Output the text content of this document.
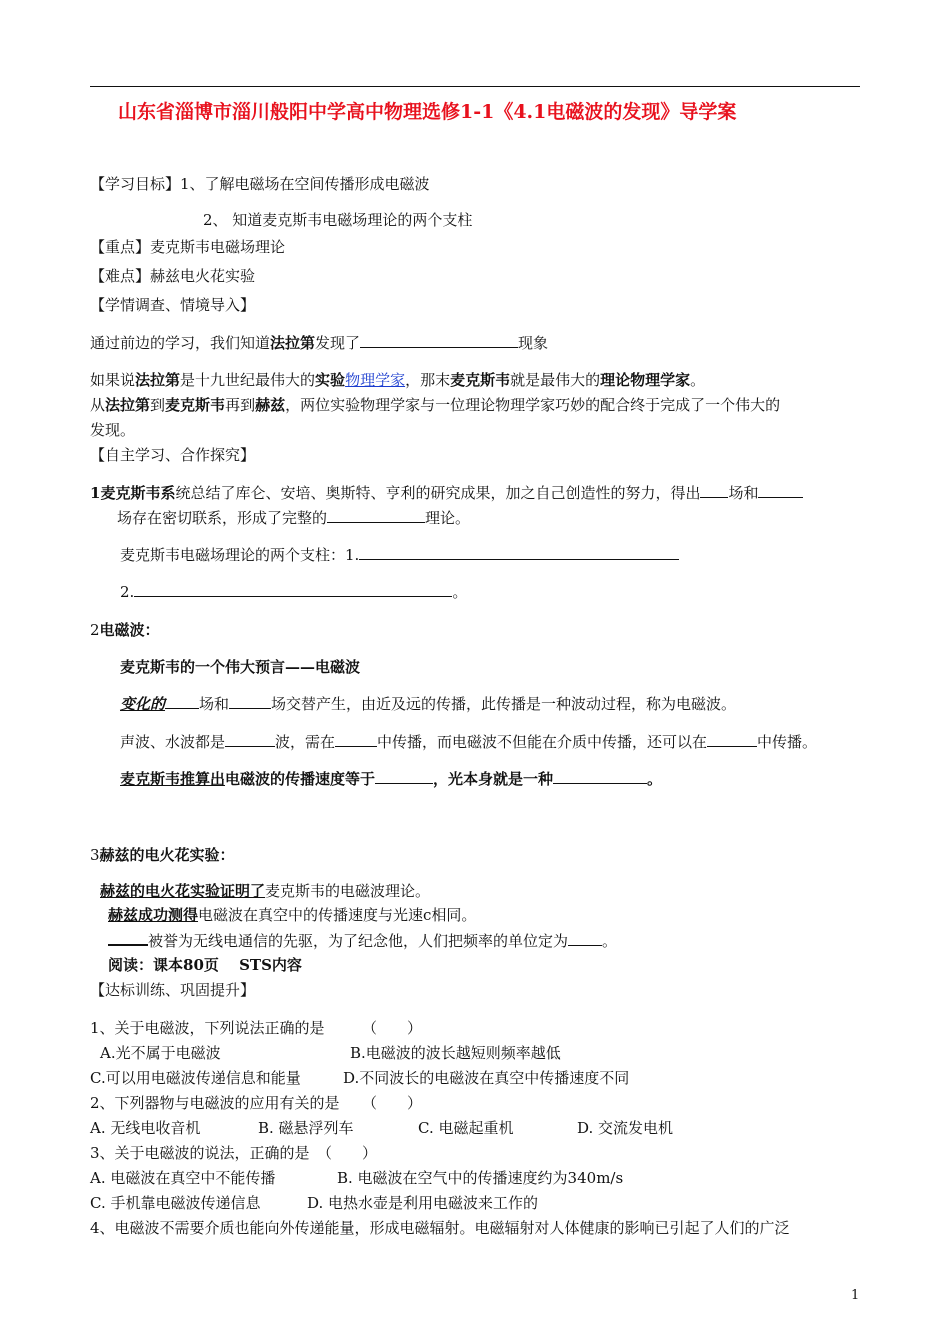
山东省淄博市淄川般阳中学高中物理选修1-1《4.1电磁波的发现》导学案
【学习目标】1、了解电磁场在空间传播形成电磁波
2、 知道麦克斯韦电磁场理论的两个支柱
【重点】麦克斯韦电磁场理论
【难点】赫兹电火花实验
【学情调查、情境导入】
通过前边的学习，我们知道法拉第发现了	现象
如果说法拉第是十九世纪最伟大的实验物理学家，那末麦克斯韦就是最伟大的理论物理学家。
从法拉第到麦克斯韦再到赫兹，两位实验物理学家与一位理论物理学家巧妙的配合终于完成了一个伟大的
发现。
【自主学习、合作探究】
1麦克斯韦系统总结了库仑、安培、奥斯特、亨利的研究成果，加之自己创造性的努力，得出 场和
场存在密切联系，形成了完整的	理论。
麦克斯韦电磁场理论的两个支柱：1.
2.	。
2电磁波：
麦克斯韦的一个伟大预言——电磁波
变化的 场和	场交替产生，由近及远的传播，此传播是一种波动过程，称为电磁波。
声波、水波都是	波，需在	中传播，而电磁波不但能在介质中传播，还可以在	中传播。
麦克斯韦推算出电磁波的传播速度等于	，光本身就是一种	。
3赫兹的电火花实验：
赫兹的电火花实验证明了麦克斯韦的电磁波理论。
赫兹成功测得电磁波在真空中的传播速度与光速c相同。
被誉为无线电通信的先驱，为了纪念他，人们把频率的单位定为 。
阅读：课本80页　 STS内容
【达标训练、巩固提升】
1、关于电磁波，下列说法正确的是　　　（　　）
A.光不属于电磁波	B.电磁波的波长越短则频率越低
C.可以用电磁波传递信息和能量	D.不同波长的电磁波在真空中传播速度不同
2、下列器物与电磁波的应用有关的是　　（　　）
A. 无线电收音机	B. 磁悬浮列车	C. 电磁起重机	D. 交流发电机
3、关于电磁波的说法，正确的是　（　　）
A. 电磁波在真空中不能传播	B. 电磁波在空气中的传播速度约为340m/s
C. 手机靠电磁波传递信息	D. 电热水壶是利用电磁波来工作的
4、电磁波不需要介质也能向外传递能量，形成电磁辐射。电磁辐射对人体健康的影响已引起了人们的广泛
1
